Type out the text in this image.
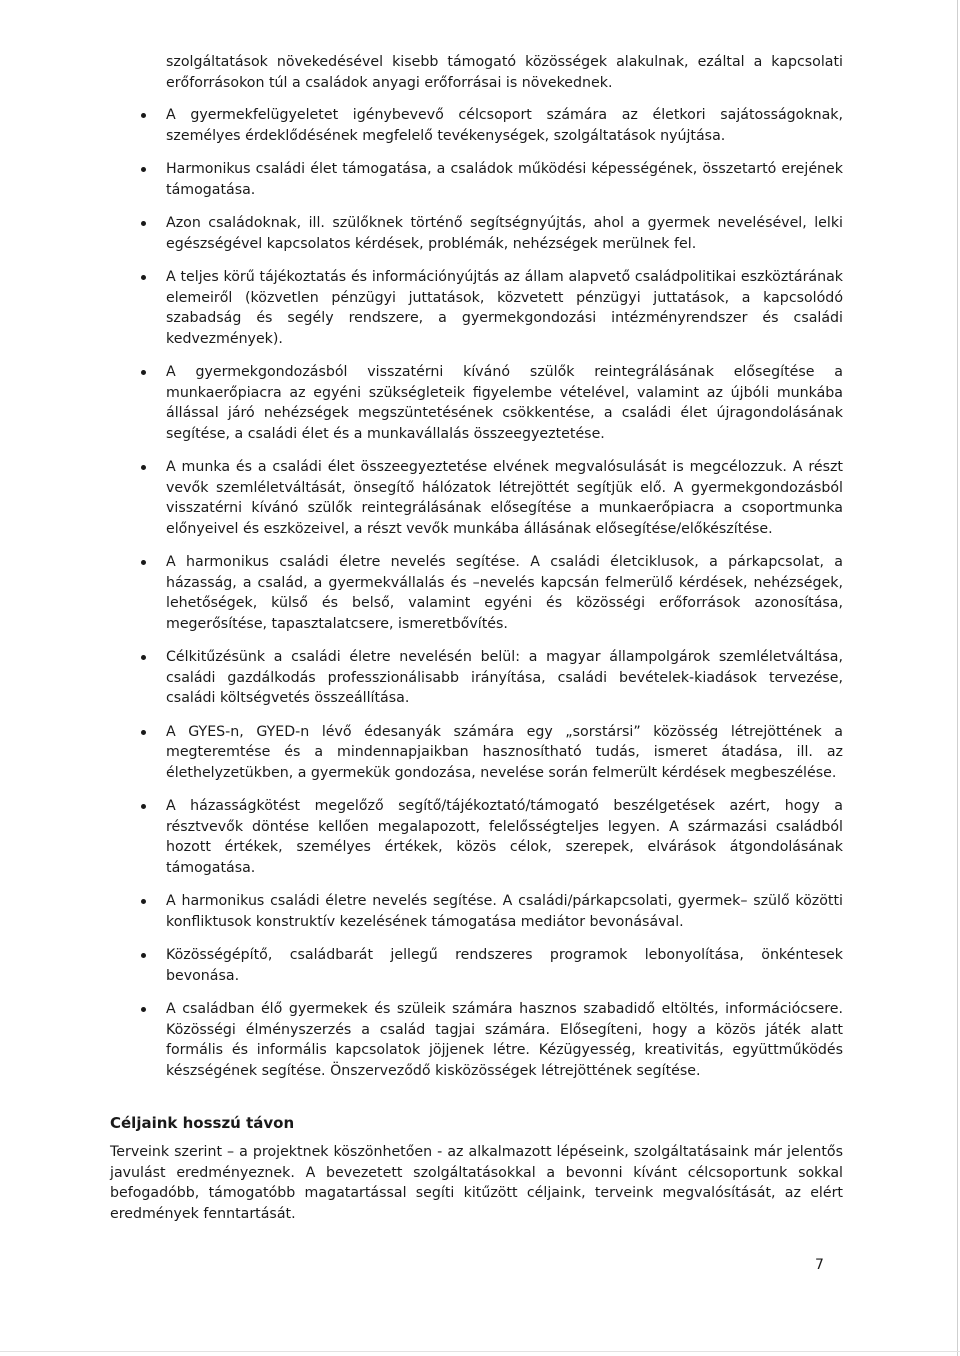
szolgáltatások növekedésével kisebb támogató közösségek alakulnak, ezáltal a kapcsolati erőforrásokon túl a családok anyagi erőforrásai is növekednek.

A gyermekfelügyeletet igénybevevő célcsoport számára az életkori sajátosságoknak, személyes érdeklődésének megfelelő tevékenységek, szolgáltatások nyújtása.
Harmonikus családi élet támogatása, a családok működési képességének, összetartó erejének támogatása.
Azon családoknak, ill. szülőknek történő segítségnyújtás, ahol a gyermek nevelésével, lelki egészségével kapcsolatos kérdések, problémák, nehézségek merülnek fel.
A teljes körű tájékoztatás és információnyújtás az állam alapvető családpolitikai eszköztárának elemeiről (közvetlen pénzügyi juttatások, közvetett pénzügyi juttatások, a kapcsolódó szabadság és segély rendszere, a gyermekgondozási intézményrendszer és családi kedvezmények).
A gyermekgondozásból visszatérni kívánó szülők reintegrálásának elősegítése a munkaerőpiacra az egyéni szükségleteik figyelembe vételével, valamint az újbóli munkába állással járó nehézségek megszüntetésének csökkentése, a családi élet újragondolásának segítése, a családi élet és a munkavállalás összeegyeztetése.
A munka és a családi élet összeegyeztetése elvének megvalósulását is megcélozzuk. A részt vevők szemléletváltását, önsegítő hálózatok létrejöttét segítjük elő. A gyermekgondozásból visszatérni kívánó szülők reintegrálásának elősegítése a munkaerőpiacra a csoportmunka előnyeivel és eszközeivel, a részt vevők munkába állásának elősegítése/előkészítése.
A harmonikus családi életre nevelés segítése. A családi életciklusok, a párkapcsolat, a házasság, a család, a gyermekvállalás és –nevelés kapcsán felmerülő kérdések, nehézségek, lehetőségek, külső és belső, valamint egyéni és közösségi erőforrások azonosítása, megerősítése, tapasztalatcsere, ismeretbővítés.
Célkitűzésünk a családi életre nevelésén belül: a magyar állampolgárok szemléletváltása, családi gazdálkodás professzionálisabb irányítása, családi bevételek-kiadások tervezése, családi költségvetés összeállítása.
A GYES-n, GYED-n lévő édesanyák számára egy „sorstársi” közösség létrejöttének a megteremtése és a mindennapjaikban hasznosítható tudás, ismeret átadása, ill. az élethelyzetükben, a gyermekük gondozása, nevelése során felmerült kérdések megbeszélése.
A házasságkötést megelőző segítő/tájékoztató/támogató beszélgetések azért, hogy a résztvevők döntése kellően megalapozott, felelősségteljes legyen. A származási családból hozott értékek, személyes értékek, közös célok, szerepek, elvárások átgondolásának támogatása.
A harmonikus családi életre nevelés segítése. A családi/párkapcsolati, gyermek– szülő közötti konfliktusok konstruktív kezelésének támogatása mediátor bevonásával.
Közösségépítő, családbarát jellegű rendszeres programok lebonyolítása, önkéntesek bevonása.
A családban élő gyermekek és szüleik számára hasznos szabadidő eltöltés, információcsere. Közösségi élményszerzés a család tagjai számára. Elősegíteni, hogy a közös játék alatt formális és informális kapcsolatok jöjjenek létre. Kézügyesség, kreativitás, együttműködés készségének segítése. Önszerveződő kisközösségek létrejöttének segítése.
Céljaink hosszú távon

Terveink szerint – a projektnek köszönhetően - az alkalmazott lépéseink, szolgáltatásaink már jelentős javulást eredményeznek. A bevezetett szolgáltatásokkal a bevonni kívánt célcsoportunk sokkal befogadóbb, támogatóbb magatartással segíti kitűzött céljaink, terveink megvalósítását, az elért eredmények fenntartását.

7
